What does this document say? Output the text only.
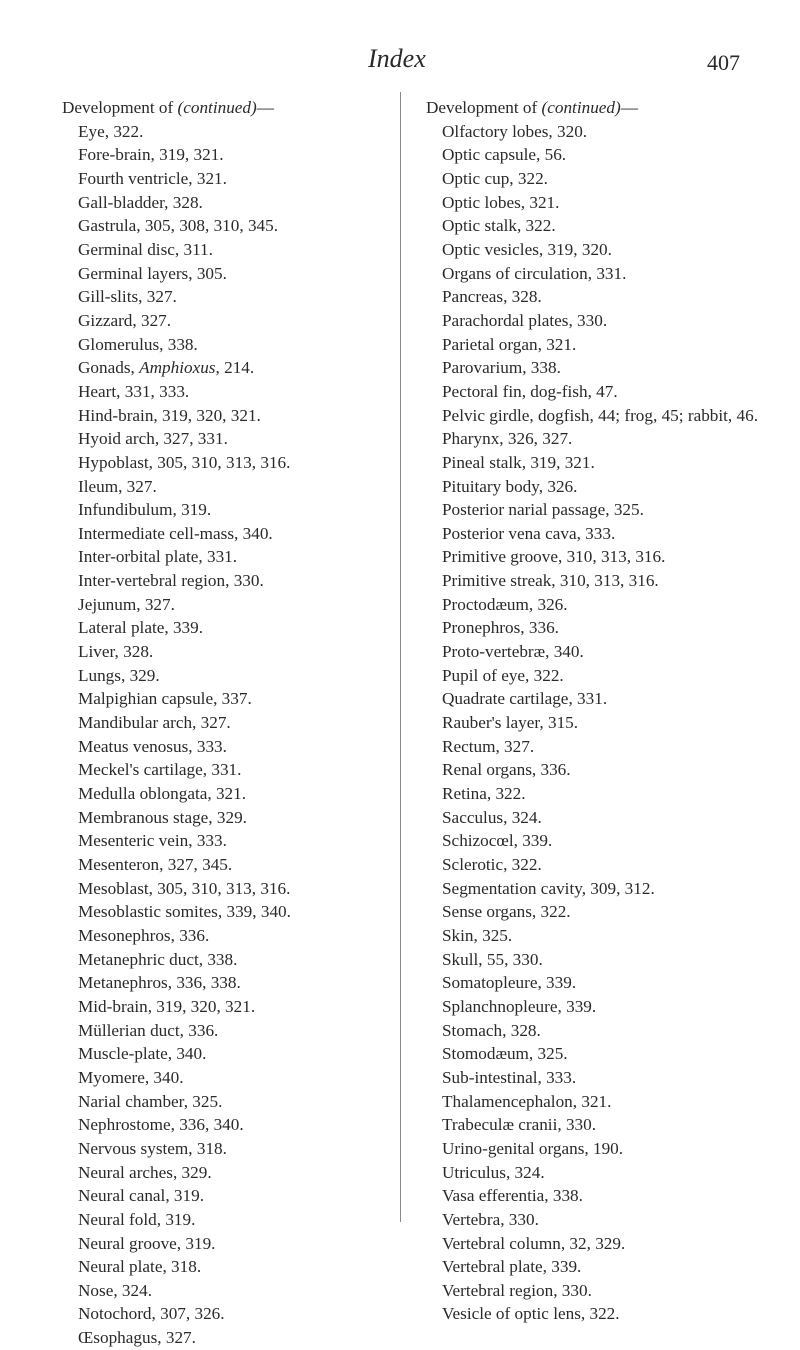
Index	407
Development of (continued)—
Eye, 322.
Fore-brain, 319, 321.
Fourth ventricle, 321.
Gall-bladder, 328.
Gastrula, 305, 308, 310, 345.
Germinal disc, 311.
Germinal layers, 305.
Gill-slits, 327.
Gizzard, 327.
Glomerulus, 338.
Gonads, Amphioxus, 214.
Heart, 331, 333.
Hind-brain, 319, 320, 321.
Hyoid arch, 327, 331.
Hypoblast, 305, 310, 313, 316.
Ileum, 327.
Infundibulum, 319.
Intermediate cell-mass, 340.
Inter-orbital plate, 331.
Inter-vertebral region, 330.
Jejunum, 327.
Lateral plate, 339.
Liver, 328.
Lungs, 329.
Malpighian capsule, 337.
Mandibular arch, 327.
Meatus venosus, 333.
Meckel's cartilage, 331.
Medulla oblongata, 321.
Membranous stage, 329.
Mesenteric vein, 333.
Mesenteron, 327, 345.
Mesoblast, 305, 310, 313, 316.
Mesoblastic somites, 339, 340.
Mesonephros, 336.
Metanephric duct, 338.
Metanephros, 336, 338.
Mid-brain, 319, 320, 321.
Müllerian duct, 336.
Muscle-plate, 340.
Myomere, 340.
Narial chamber, 325.
Nephrostome, 336, 340.
Nervous system, 318.
Neural arches, 329.
Neural canal, 319.
Neural fold, 319.
Neural groove, 319.
Neural plate, 318.
Nose, 324.
Notochord, 307, 326.
Œsophagus, 327.
Development of (continued)—
Olfactory lobes, 320.
Optic capsule, 56.
Optic cup, 322.
Optic lobes, 321.
Optic stalk, 322.
Optic vesicles, 319, 320.
Organs of circulation, 331.
Pancreas, 328.
Parachordal plates, 330.
Parietal organ, 321.
Parovarium, 338.
Pectoral fin, dog-fish, 47.
Pelvic girdle, dogfish, 44; frog, 45; rabbit, 46.
Pharynx, 326, 327.
Pineal stalk, 319, 321.
Pituitary body, 326.
Posterior narial passage, 325.
Posterior vena cava, 333.
Primitive groove, 310, 313, 316.
Primitive streak, 310, 313, 316.
Proctodæum, 326.
Pronephros, 336.
Proto-vertebræ, 340.
Pupil of eye, 322.
Quadrate cartilage, 331.
Rauber's layer, 315.
Rectum, 327.
Renal organs, 336.
Retina, 322.
Sacculus, 324.
Schizocœl, 339.
Sclerotic, 322.
Segmentation cavity, 309, 312.
Sense organs, 322.
Skin, 325.
Skull, 55, 330.
Somatopleure, 339.
Splanchnopleure, 339.
Stomach, 328.
Stomodæum, 325.
Sub-intestinal, 333.
Thalamencephalon, 321.
Trabeculæ cranii, 330.
Urino-genital organs, 190.
Utriculus, 324.
Vasa efferentia, 338.
Vertebra, 330.
Vertebral column, 32, 329.
Vertebral plate, 339.
Vertebral region, 330.
Vesicle of optic lens, 322.
